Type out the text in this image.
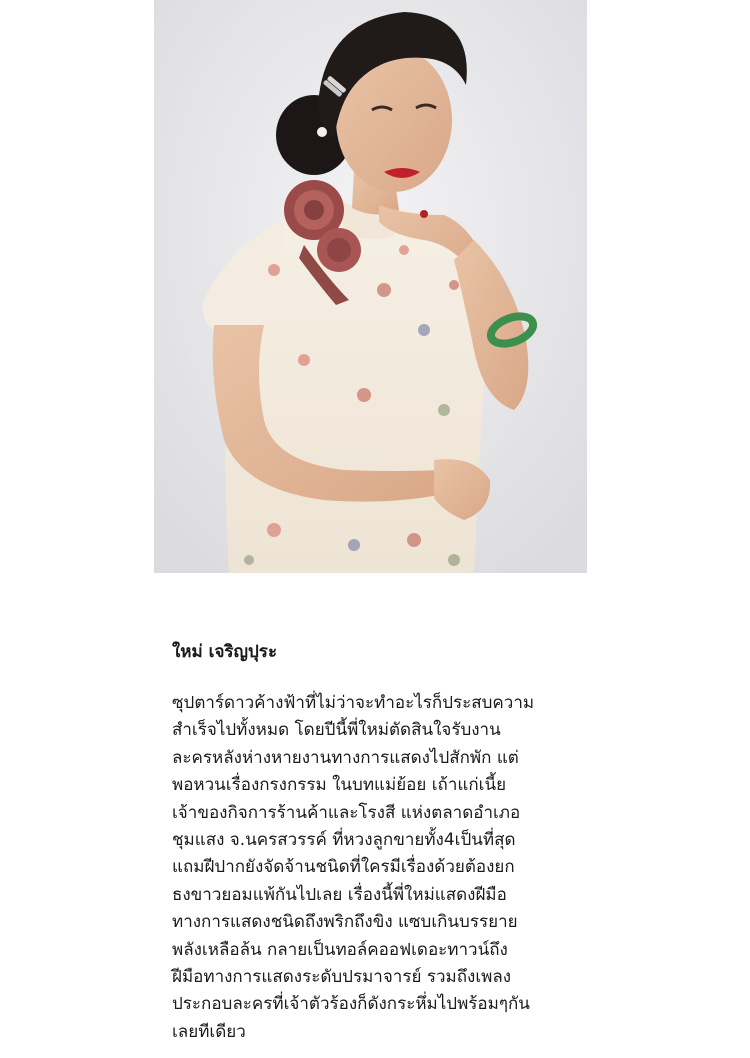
ใหม่ เจริญปุระ

ซุปตาร์ดาวค้างฟ้าที่ไม่ว่าจะทำอะไรก็ประสบความ

สำเร็จไปทั้งหมด โดยปีนี้พี่ใหม่ตัดสินใจรับงาน

ละครหลังห่างหายงานทางการแสดงไปสักพัก แต่

พอหวนเรื่องกรงกรรม ในบทแม่ย้อย เถ้าแก่เนี้ย

เจ้าของกิจการร้านค้าและโรงสี แห่งตลาดอำเภอ

ชุมแสง จ.นครสวรรค์ ที่หวงลูกขายทั้ง4เป็นที่สุด

แถมฝีปากยังจัดจ้านชนิดที่ใครมีเรื่องด้วยต้องยก

ธงขาวยอมแพ้กันไปเลย เรื่องนี้พี่ใหม่แสดงฝีมือ

ทางการแสดงชนิดถึงพริกถึงขิง แซบเกินบรรยาย

พลังเหลือล้น กลายเป็นทอล์คออฟเดอะทาวน์ถึง

ฝีมือทางการแสดงระดับปรมาจารย์ รวมถึงเพลง

ประกอบละครที่เจ้าตัวร้องก็ดังกระหึ่มไปพร้อมๆกัน

เลยทีเดียว
